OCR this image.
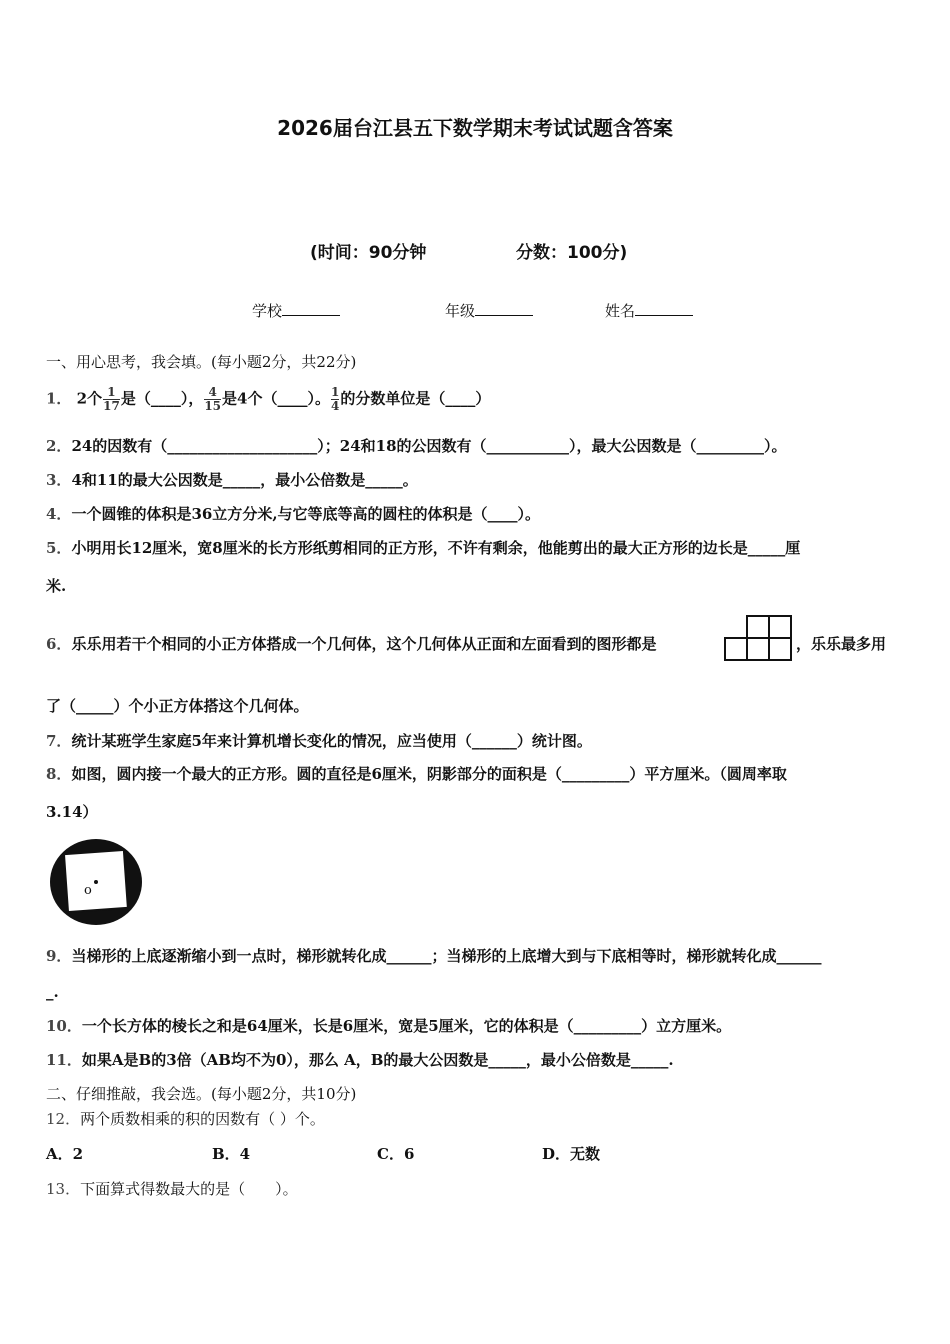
2026届台江县五下数学期末考试试题含答案
(时间：90分钟	分数：100分)
学校	年级	姓名
一、用心思考，我会填。(每小题2分，共22分)
1． 2个 $\frac{1}{17}$ 是（____）， $\frac{4}{15}$ 是4个（____）。 $\frac{1}{4}$ 的分数单位是（____）
2．24的因数有（____________________）；24和18的公因数有（___________），最大公因数是（_________）。
3．4和11的最大公因数是_____，最小公倍数是_____。
4．一个圆锥的体积是36立方分米,与它等底等高的圆柱的体积是（____）。
5．小明用长12厘米，宽8厘米的长方形纸剪相同的正方形，不许有剩余，他能剪出的最大正方形的边长是_____厘
米.
6．乐乐用若干个相同的小正方体搭成一个几何体，这个几何体从正面和左面看到的图形都是	，乐乐最多用
了（_____）个小正方体搭这个几何体。
7．统计某班学生家庭5年来计算机增长变化的情况，应当使用（______）统计图。
8．如图，圆内接一个最大的正方形。圆的直径是6厘米，阴影部分的面积是（_________）平方厘米。（圆周率取
3.14）
o
9．当梯形的上底逐渐缩小到一点时，梯形就转化成______；当梯形的上底增大到与下底相等时，梯形就转化成______
_.
10．一个长方体的棱长之和是64厘米，长是6厘米，宽是5厘米，它的体积是（_________）立方厘米。
11．如果A是B的3倍（AB均不为0），那么 A，B的最大公因数是_____，最小公倍数是_____.
二、仔细推敲，我会选。(每小题2分，共10分)
12．两个质数相乘的积的因数有（ ）个。
A．2	B．4	C．6	D．无数
13．下面算式得数最大的是（　　）。
